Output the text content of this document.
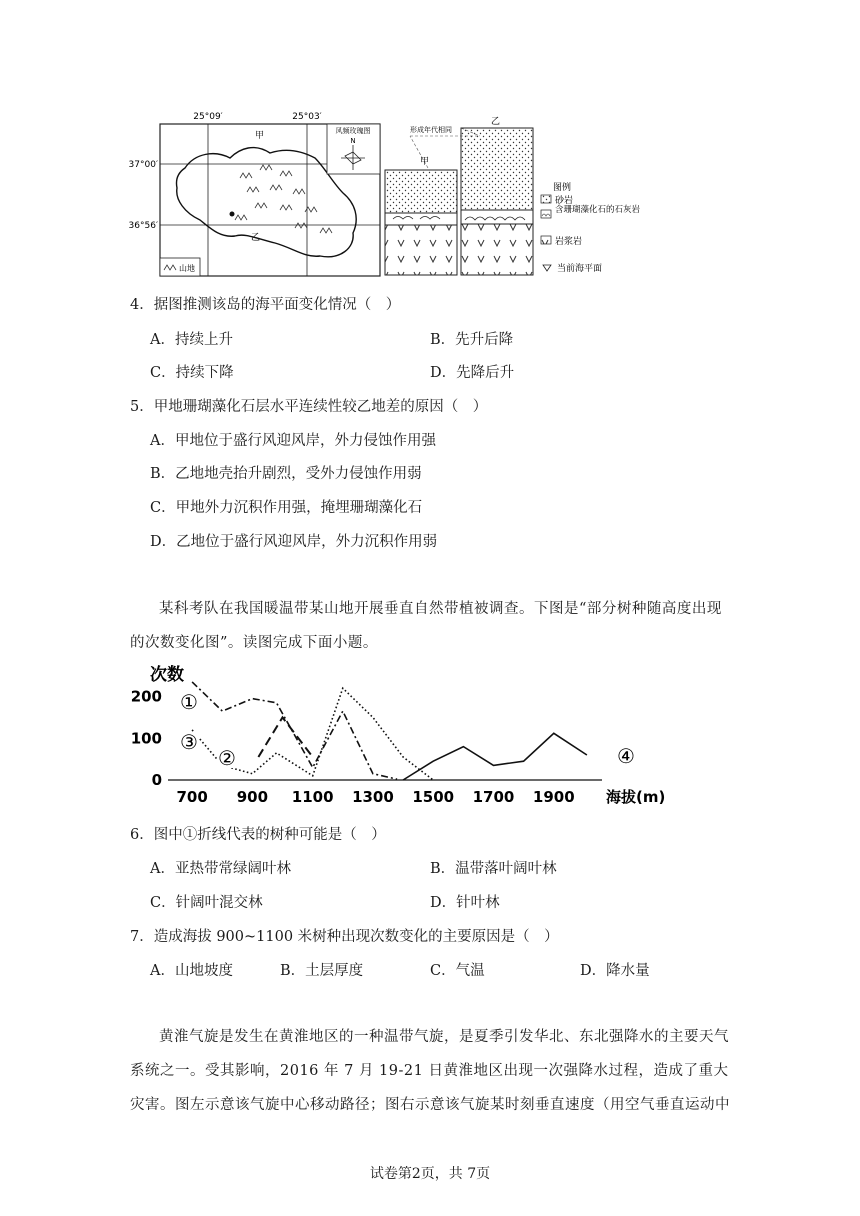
25°09′	25°03′
37°00′
36°56′
甲
乙
风频玫瑰图
N
山地
形成年代相同
甲
乙
图例
砂岩
含珊瑚藻化石的石灰岩
岩浆岩
当前海平面
4．据图推测该岛的海平面变化情况（　）
A．持续上升	B．先升后降
C．持续下降	D．先降后升
5．甲地珊瑚藻化石层水平连续性较乙地差的原因（　）
A．甲地位于盛行风迎风岸，外力侵蚀作用强
B．乙地地壳抬升剧烈，受外力侵蚀作用弱
C．甲地外力沉积作用强，掩埋珊瑚藻化石
D．乙地位于盛行风迎风岸，外力沉积作用弱
某科考队在我国暖温带某山地开展垂直自然带植被调查。下图是“部分树种随高度出现的次数变化图”。读图完成下面小题。
次数
海拔(m)
0
100
200
700 900 1100 1300 1500 1700 1900
①
②
③
④
6．图中①折线代表的树种可能是（　）
A．亚热带常绿阔叶林	B．温带落叶阔叶林
C．针阔叶混交林	D．针叶林
7．造成海拔 900~1100 米树种出现次数变化的主要原因是（　）
A．山地坡度	B．土层厚度	C．气温	D．降水量
黄淮气旋是发生在黄淮地区的一种温带气旋，是夏季引发华北、东北强降水的主要天气系统之一。受其影响，2016 年 7 月 19-21 日黄淮地区出现一次强降水过程，造成了重大灾害。图左示意该气旋中心移动路径；图右示意该气旋某时刻垂直速度（用空气垂直运动中
试卷第2页，共 7页
